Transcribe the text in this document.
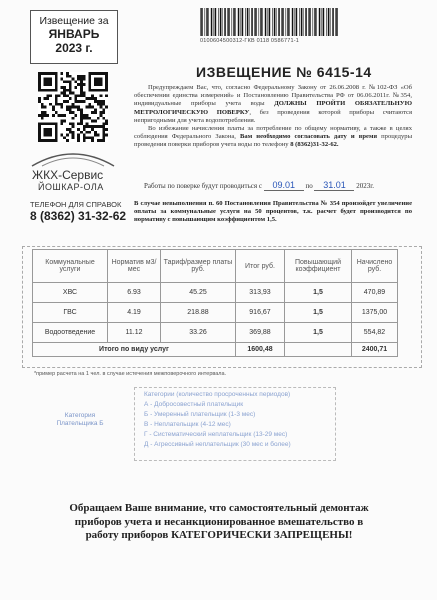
Извещение за
ЯНВАРЬ
2023 г.	0100604500312-ГКВ 0118 0586771-1
ЖКХ-Сервис
ЙОШКАР-ОЛА
ТЕЛЕФОН ДЛЯ СПРАВОК
8 (8362) 31-32-62
ИЗВЕЩЕНИЕ № 6415-14
Предупреждаем Вас, что, согласно Федеральному Закону от 26.06.2008 г. №102-ФЗ «Об обеспечении единства измерений» и Постановлению Правительства РФ от 06.06.2011г. №354, индивидуальные приборы учета воды ДОЛЖНЫ ПРОЙТИ ОБЯЗАТЕЛЬНУЮ МЕТРОЛОГИЧЕСКУЮ ПОВЕРКУ, без проведения которой приборы считаются непригодными для учета водопотребления.
Во избежание начисления платы за потребление по общему нормативу, а также в целях соблюдения Федерального Закона, Вам необходимо согласовать дату и время процедуры проведения поверки приборов учета воды по телефону 8 (8362)31-32-62.
Работы по поверке будут проводиться с 09.01 по 31.01 2023г.
В случае невыполнения п. 60 Постановления Правительства № 354 произойдет увеличение оплаты за коммунальные услуги на 50 процентов, т.к. расчет будет производится по нормативу с повышающим коэффициентом 1,5.
Коммунальные услуги	Норматив м3/мес	Тариф/размер платы руб.	Итог руб.	Повышающий коэффициент	Начислено руб.
ХВС	6.93	45.25	313,93	1,5	470,89
ГВС	4.19	218.88	916,67	1,5	1375,00
Водоотведение	11.12	33.26	369,88	1,5	554,82
Итого по виду услуг			1600,48		2400,71
*пример расчета на 1 чел. в случае истечения межповерочного интервала.
Категория Плательщика Б
Категории (количество просроченных периодов)
А - Добросовестный плательщик
Б - Умеренный плательщик (1-3 мес)
В - Неплательщик (4-12 мес)
Г - Систематический неплательщик (13-29 мес)
Д - Агрессивный неплательщик (30 мес и более)
Обращаем Ваше внимание, что самостоятельный демонтаж приборов учета и несанкционированное вмешательство в работу приборов КАТЕГОРИЧЕСКИ ЗАПРЕЩЕНЫ!
